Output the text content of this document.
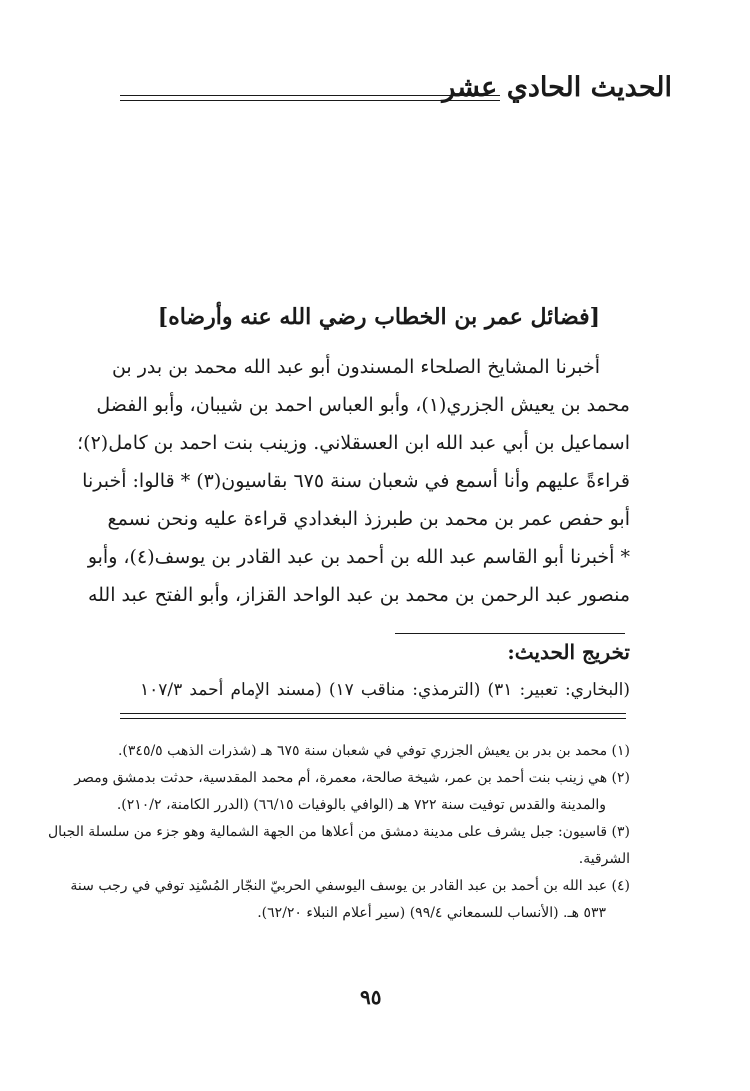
الحديث الحادي عشر
[فضائل عمر بن الخطاب رضي الله عنه وأرضاه]
أخبرنا المشايخ الصلحاء المسندون أبو عبد الله محمد بن بدر بن
محمد بن يعيش الجزري(١)، وأبو العباس احمد بن شيبان، وأبو الفضل
اسماعيل بن أبي عبد الله ابن العسقلاني. وزينب بنت احمد بن كامل(٢)؛
قراءةً عليهم وأنا أسمع في شعبان سنة ٦٧٥ بقاسيون(٣) * قالوا: أخبرنا
أبو حفص عمر بن محمد بن طبرزذ البغدادي قراءة عليه ونحن نسمع
* أخبرنا أبو القاسم عبد الله بن أحمد بن عبد القادر بن يوسف(٤)، وأبو
منصور عبد الرحمن بن محمد بن عبد الواحد القزاز، وأبو الفتح عبد الله
تخريج الحديث:
(البخاري: تعبير: ٣١) (الترمذي: مناقب ١٧) (مسند الإمام أحمد ١٠٧/٣
(١) محمد بن بدر بن يعيش الجزري توفي في شعبان سنة ٦٧٥ هـ (شذرات الذهب ٣٤٥/٥).
(٢) هي زينب بنت أحمد بن عمر، شيخة صالحة، معمرة، أم محمد المقدسية، حدثت بدمشق ومصر
والمدينة والقدس توفيت سنة ٧٢٢ هـ (الوافي بالوفيات ٦٦/١٥) (الدرر الكامنة، ٢١٠/٢).
(٣) قاسيون: جبل يشرف على مدينة دمشق من أعلاها من الجهة الشمالية وهو جزء من سلسلة الجبال
الشرقية.
(٤) عبد الله بن أحمد بن عبد القادر بن يوسف اليوسفي الحربيّ النجّار المُسْنِد توفي في رجب سنة
٥٣٣ هـ. (الأنساب للسمعاني ٩٩/٤) (سير أعلام النبلاء ٦٢/٢٠).
٩٥
